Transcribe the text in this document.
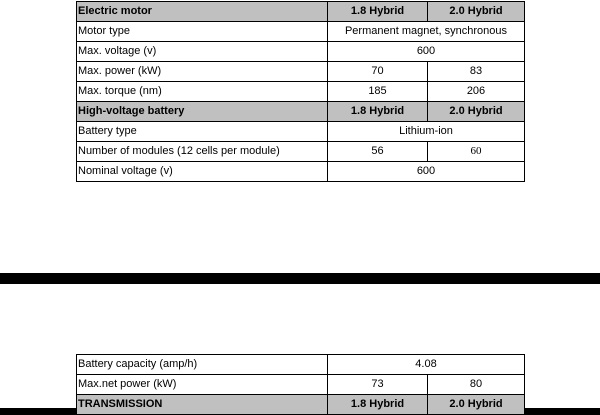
Electric motor	1.8 Hybrid	2.0 Hybrid
Motor type	Permanent magnet, synchronous	
Max. voltage (v)	600	
Max. power (kW)	70	83
Max. torque (nm)	185	206
High-voltage battery	1.8 Hybrid	2.0 Hybrid
Battery type	Lithium-ion	
Number of modules (12 cells per module)	56	60
Nominal voltage (v)	600	
Battery capacity (amp/h)	4.08	
Max.net power (kW)	73	80
TRANSMISSION	1.8 Hybrid	2.0 Hybrid
